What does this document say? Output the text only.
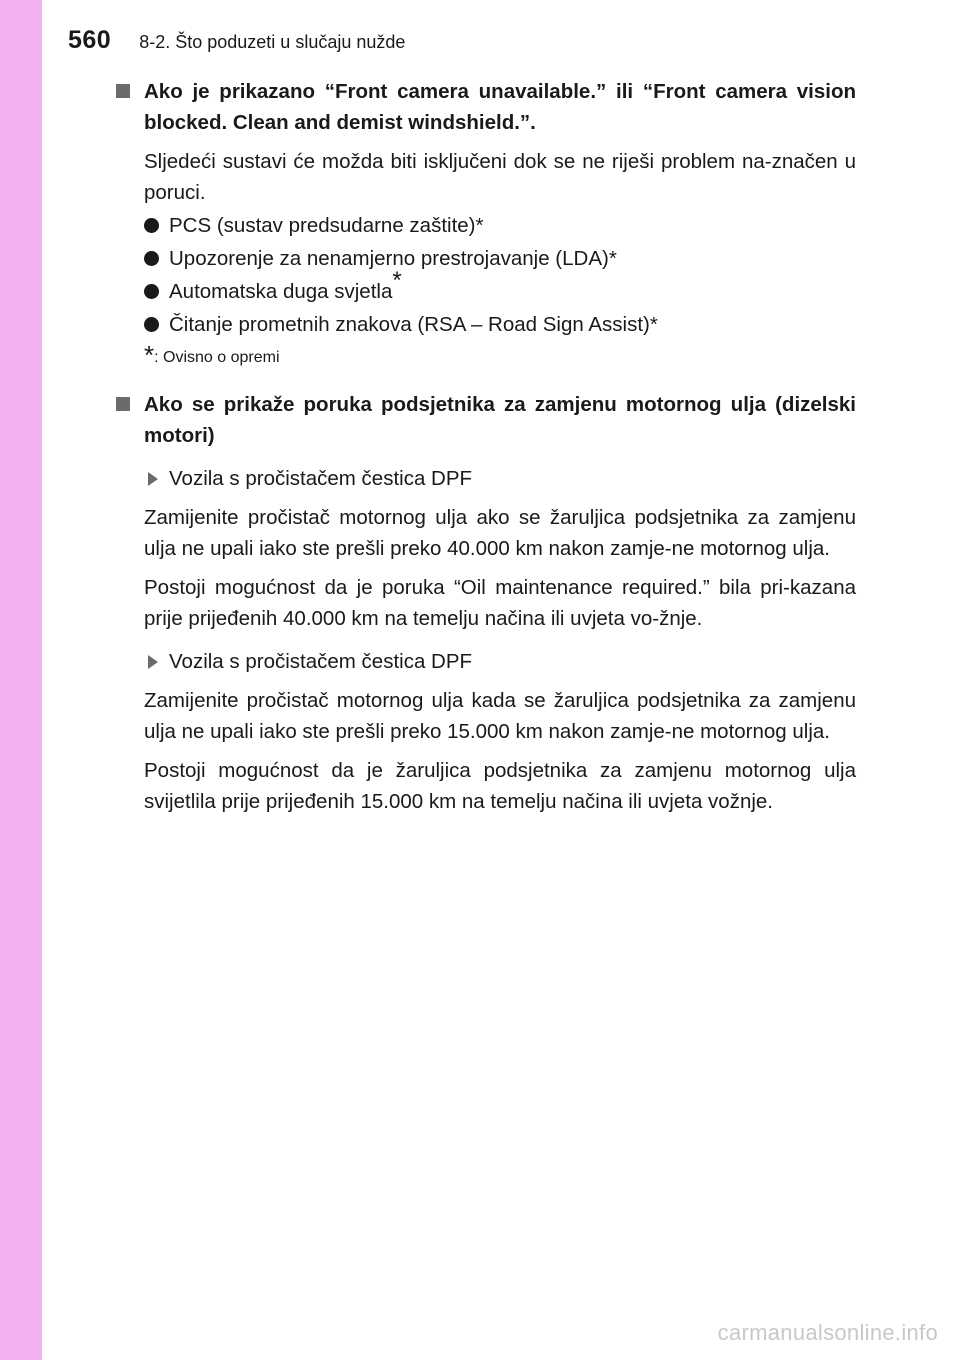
560 8-2. Što poduzeti u slučaju nužde
Ako je prikazano “Front camera unavailable.” ili “Front camera vision blocked. Clean and demist windshield.”.
Sljedeći sustavi će možda biti isključeni dok se ne riješi problem na-značen u poruci.
PCS (sustav predsudarne zaštite)*
Upozorenje za nenamjerno prestrojavanje (LDA)*
Automatska duga svjetla*
Čitanje prometnih znakova (RSA – Road Sign Assist)*
*: Ovisno o opremi
Ako se prikaže poruka podsjetnika za zamjenu motornog ulja (dizelski motori)
Vozila s pročistačem čestica DPF
Zamijenite pročistač motornog ulja ako se žaruljica podsjetnika za zamjenu ulja ne upali iako ste prešli preko 40.000 km nakon zamje-ne motornog ulja.
Postoji mogućnost da je poruka “Oil maintenance required.” bila pri-kazana prije prijeđenih 40.000 km na temelju načina ili uvjeta vo-žnje.
Vozila s pročistačem čestica DPF
Zamijenite pročistač motornog ulja kada se žaruljica podsjetnika za zamjenu ulja ne upali iako ste prešli preko 15.000 km nakon zamje-ne motornog ulja.
Postoji mogućnost da je žaruljica podsjetnika za zamjenu motornog ulja svijetlila prije prijeđenih 15.000 km na temelju načina ili uvjeta vožnje.
carmanualsonline.info
